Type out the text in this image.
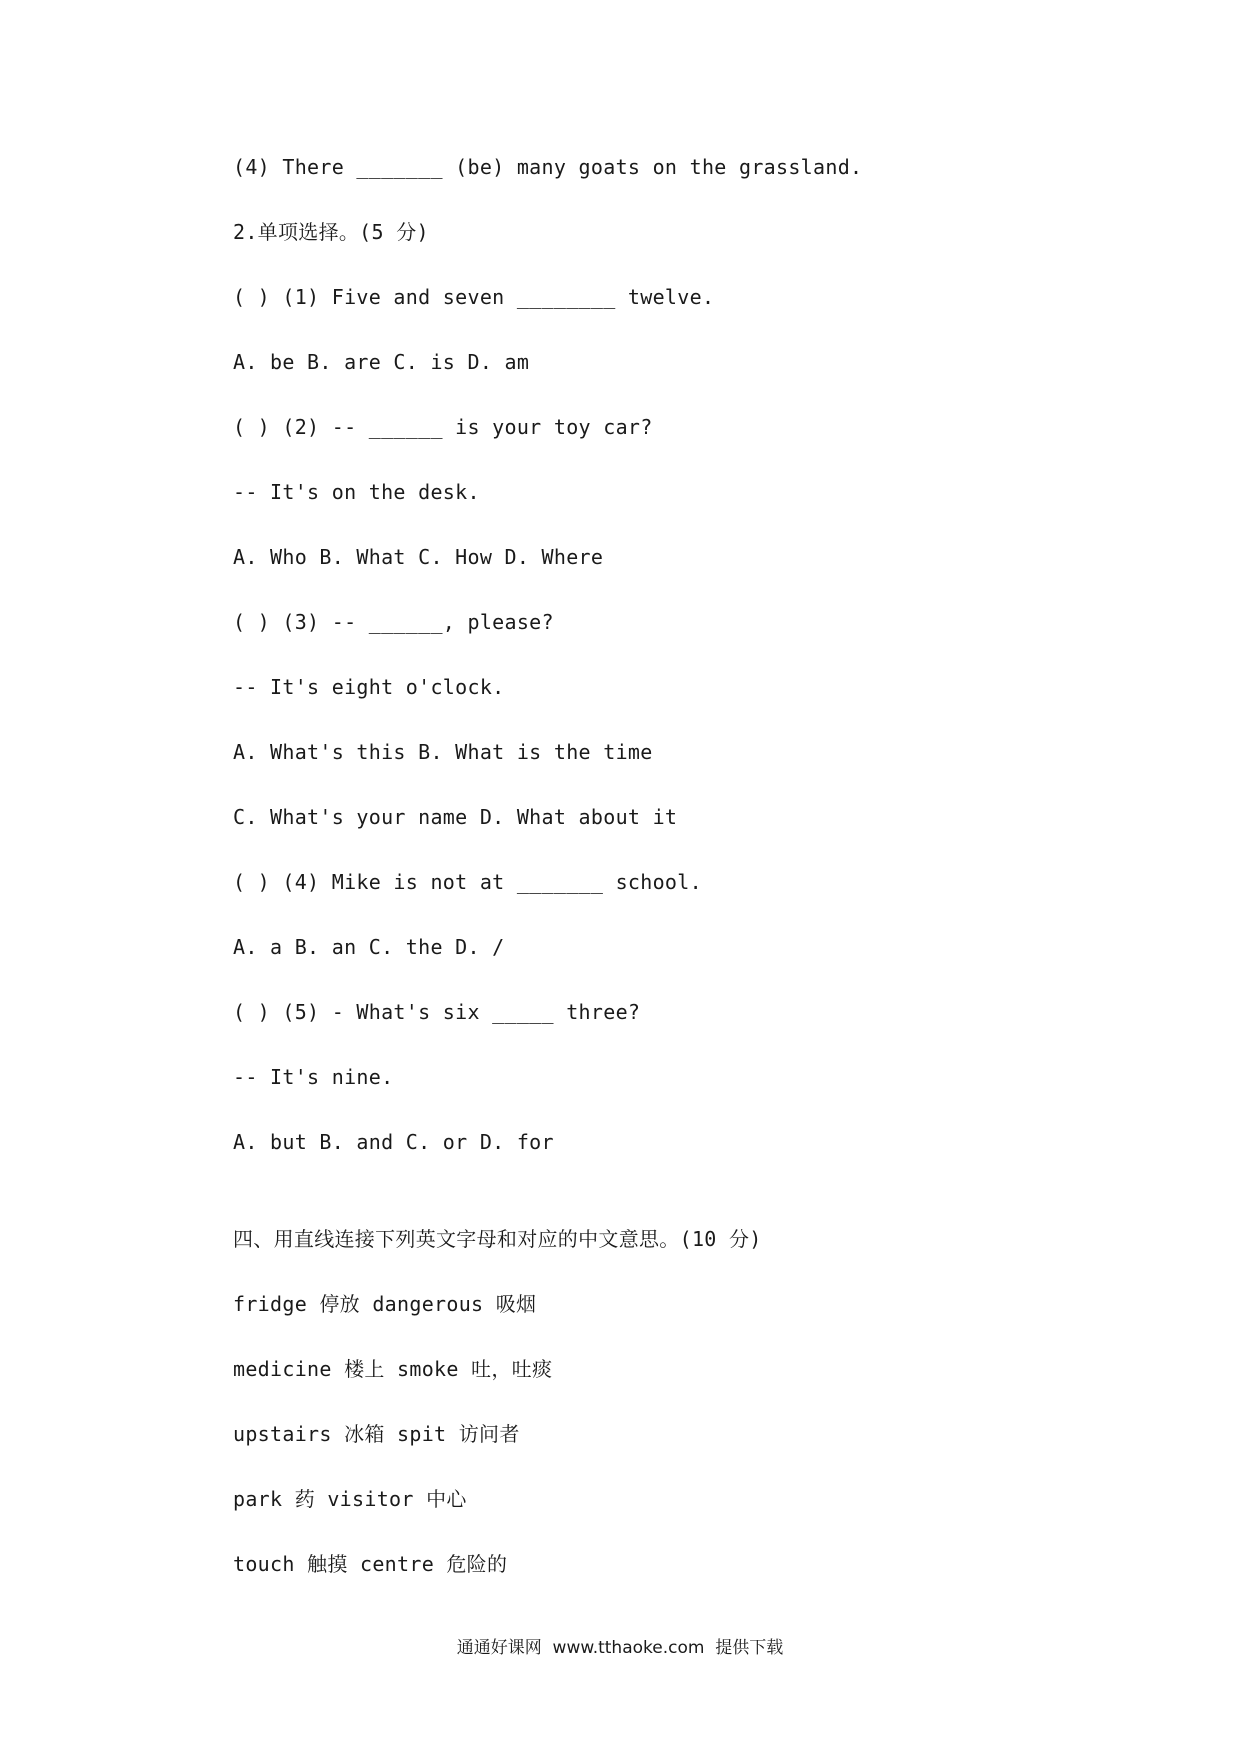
(4) There _______ (be) many goats on the grassland.
2.单项选择。(5 分)
( ) (1) Five and seven ________ twelve.
A. be B. are C. is D. am
( ) (2) -- ______ is your toy car?
-- It's on the desk.
A. Who B. What C. How D. Where
( ) (3) -- ______, please?
-- It's eight o'clock.
A. What's this B. What is the time
C. What's your name D. What about it
( ) (4) Mike is not at _______ school.
A. a B. an C. the D. /
( ) (5) - What's six _____ three?
-- It's nine.
A. but B. and C. or D. for
四、用直线连接下列英文字母和对应的中文意思。(10 分)
fridge 停放 dangerous 吸烟
medicine 楼上 smoke 吐，吐痰
upstairs 冰箱 spit 访问者
park 药 visitor 中心
touch 触摸 centre 危险的
通通好课网  www.tthaoke.com  提供下载
